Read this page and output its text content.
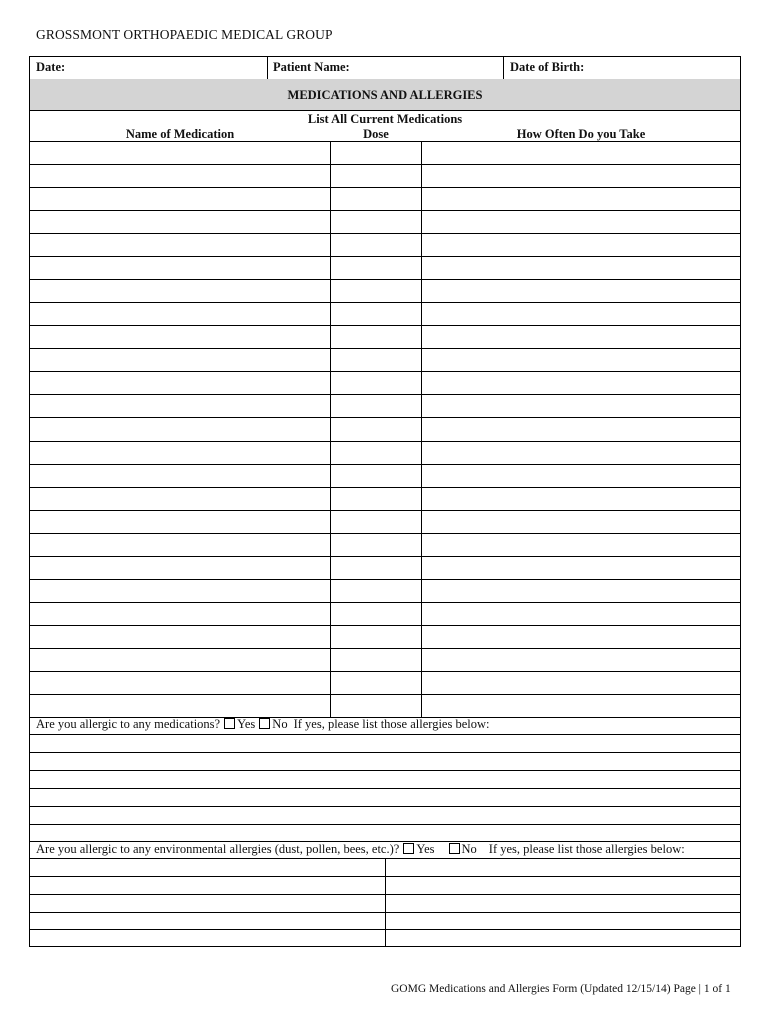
GROSSMONT ORTHOPAEDIC MEDICAL GROUP
Date:	Patient Name:	Date of Birth:
MEDICATIONS AND ALLERGIES
List All Current Medications
Name of Medication	Dose	How Often Do you Take
Are you allergic to any medications? Yes No If yes, please list those allergies below:
Are you allergic to any environmental allergies (dust, pollen, bees, etc.)? Yes No If yes, please list those allergies below:
GOMG Medications and Allergies Form (Updated 12/15/14) Page | 1 of 1
